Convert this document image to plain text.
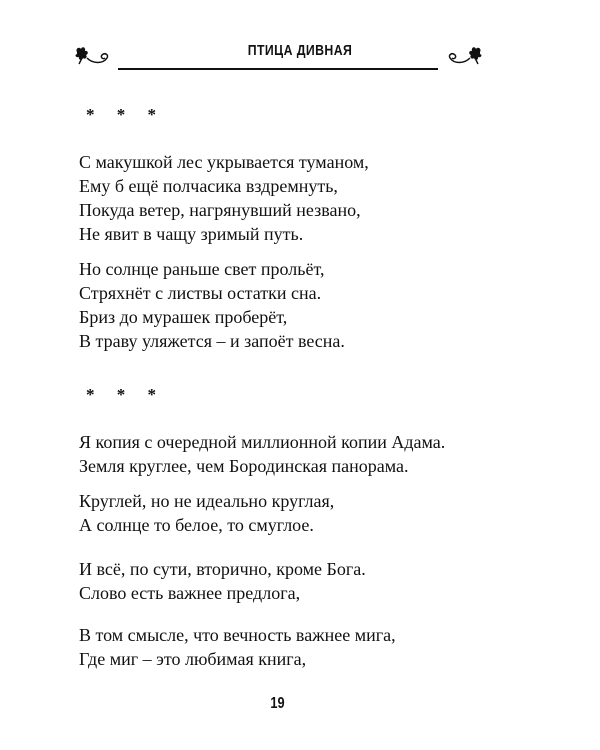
ПТИЦА ДИВНАЯ
* * *
С макушкой лес укрывается туманом,
Ему б ещё полчасика вздремнуть,
Покуда ветер, нагрянувший незвано,
Не явит в чащу зримый путь.
Но солнце раньше свет прольёт,
Стряхнёт с листвы остатки сна.
Бриз до мурашек проберёт,
В траву уляжется – и запоёт весна.
* * *
Я копия с очередной миллионной копии Адама.
Земля круглее, чем Бородинская панорама.
Круглей, но не идеально круглая,
А солнце то белое, то смуглое.
И всё, по сути, вторично, кроме Бога.
Слово есть важнее предлога,
В том смысле, что вечность важнее мига,
Где миг – это любимая книга,
19
